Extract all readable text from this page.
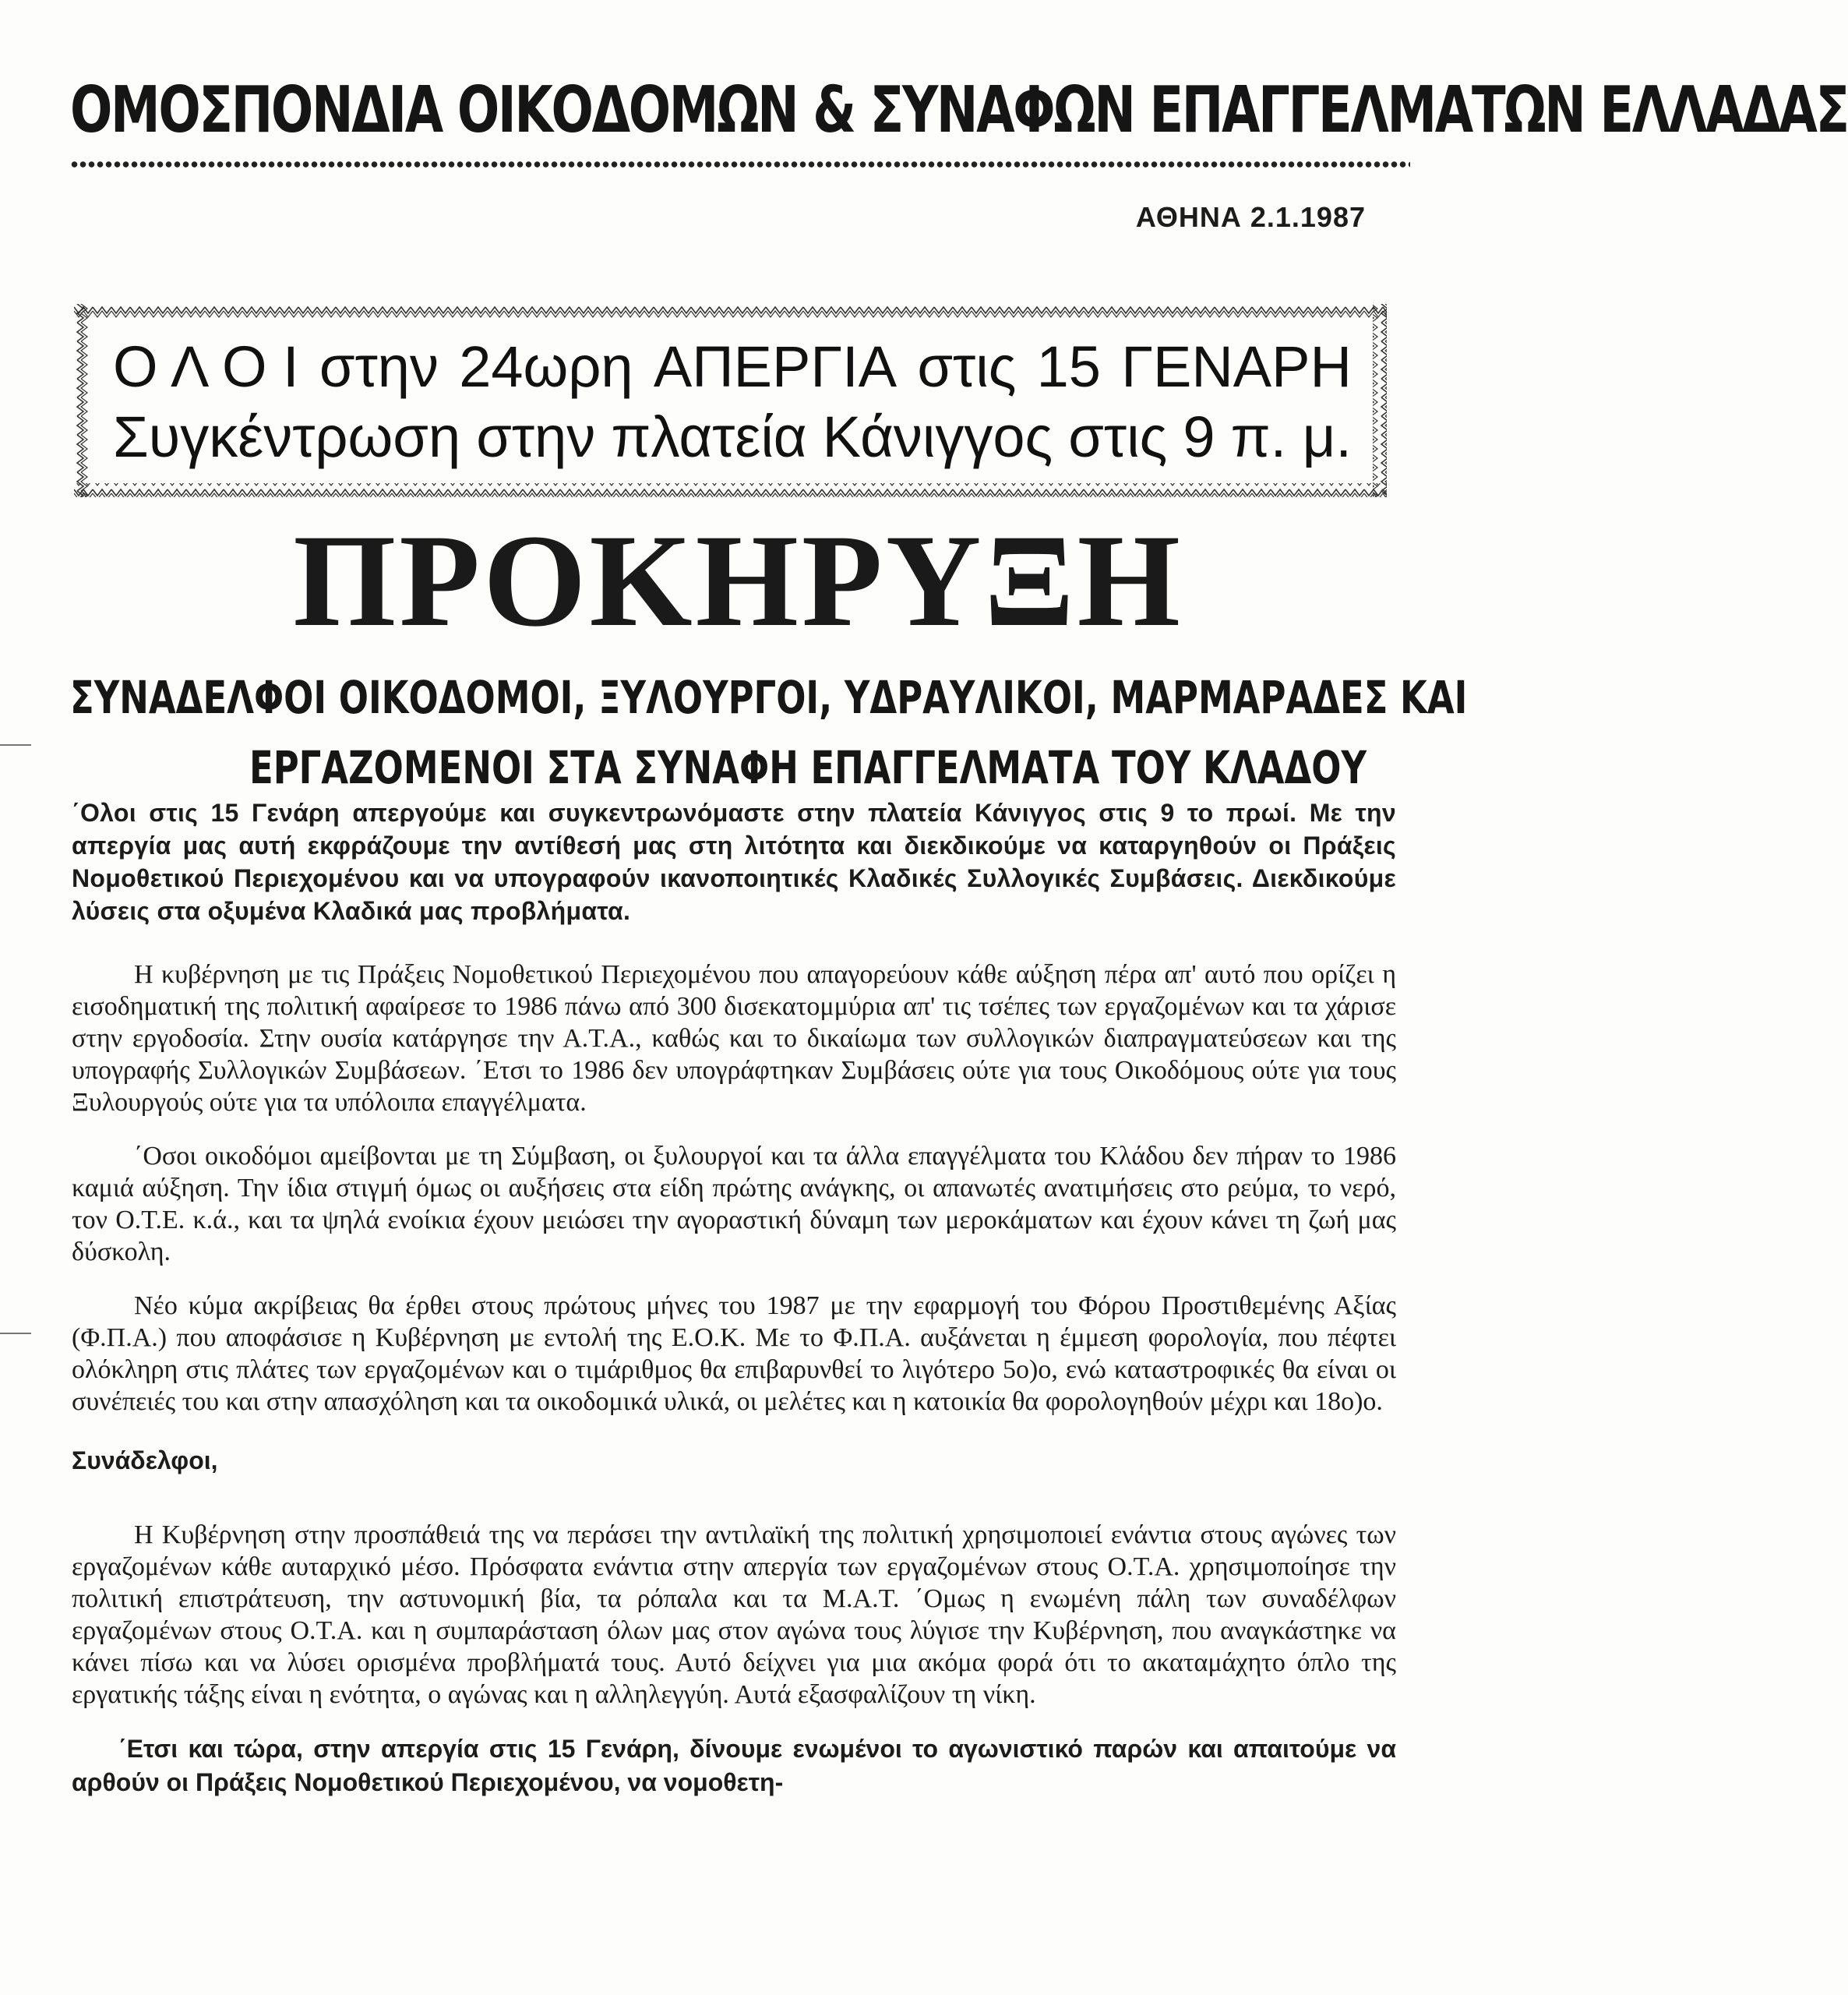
ΟΜΟΣΠΟΝΔΙΑ ΟΙΚΟΔΟΜΩΝ & ΣΥΝΑΦΩΝ ΕΠΑΓΓΕΛΜΑΤΩΝ ΕΛΛΑΔΑΣ
ΑΘΗΝΑ 2.1.1987
Ο Λ Ο Ι στην 24ωρη ΑΠΕΡΓΙΑ στις 15 ΓΕΝΑΡΗ
Συγκέντρωση στην πλατεία Κάνιγγος στις 9 π. μ.
ΠΡΟΚΗΡΥΞΗ
ΣΥΝΑΔΕΛΦΟΙ ΟΙΚΟΔΟΜΟΙ, ΞΥΛΟΥΡΓΟΙ, ΥΔΡΑΥΛΙΚΟΙ, ΜΑΡΜΑΡΑΔΕΣ ΚΑΙ
ΕΡΓΑΖΟΜΕΝΟΙ ΣΤΑ ΣΥΝΑΦΗ ΕΠΑΓΓΕΛΜΑΤΑ ΤΟΥ ΚΛΑΔΟΥ

΄Ολοι στις 15 Γενάρη απεργούμε και συγκεντρωνόμαστε στην πλατεία Κάνιγγος στις 9 το πρωί. Με την απεργία μας αυτή εκφράζουμε την αντίθεσή μας στη λιτότητα και διεκδικούμε να καταργηθούν οι Πράξεις Νομοθετικού Περιεχομένου και να υπογραφούν ικανοποιητικές Κλαδικές Συλλογικές Συμβάσεις. Διεκδικούμε λύσεις στα οξυμένα Κλαδικά μας προβλήματα.

Η κυβέρνηση με τις Πράξεις Νομοθετικού Περιεχομένου που απαγορεύουν κάθε αύξηση πέρα απ' αυτό που ορίζει η εισοδηματική της πολιτική αφαίρεσε το 1986 πάνω από 300 δισεκατομμύρια απ' τις τσέπες των εργαζομένων και τα χάρισε στην εργοδοσία. Στην ουσία κατάργησε την Α.Τ.Α., καθώς και το δικαίωμα των συλλογικών διαπραγματεύσεων και της υπογραφής Συλλογικών Συμβάσεων. ΄Ετσι το 1986 δεν υπογράφτηκαν Συμβάσεις ούτε για τους Οικοδόμους ούτε για τους Ξυλουργούς ούτε για τα υπόλοιπα επαγγέλματα.

΄Οσοι οικοδόμοι αμείβονται με τη Σύμβαση, οι ξυλουργοί και τα άλλα επαγγέλματα του Κλάδου δεν πήραν το 1986 καμιά αύξηση. Την ίδια στιγμή όμως οι αυξήσεις στα είδη πρώτης ανάγκης, οι απανωτές ανατιμήσεις στο ρεύμα, το νερό, τον Ο.Τ.Ε. κ.ά., και τα ψηλά ενοίκια έχουν μειώσει την αγοραστική δύναμη των μεροκάματων και έχουν κάνει τη ζωή μας δύσκολη.

Νέο κύμα ακρίβειας θα έρθει στους πρώτους μήνες του 1987 με την εφαρμογή του Φόρου Προστιθεμένης Αξίας (Φ.Π.Α.) που αποφάσισε η Κυβέρνηση με εντολή της Ε.Ο.Κ. Με το Φ.Π.Α. αυξάνεται η έμμεση φορολογία, που πέφτει ολόκληρη στις πλάτες των εργαζομένων και ο τιμάριθμος θα επιβαρυνθεί το λιγότερο 5ο)ο, ενώ καταστροφικές θα είναι οι συνέπειές του και στην απασχόληση και τα οικοδομικά υλικά, οι μελέτες και η κατοικία θα φορολογηθούν μέχρι και 18ο)ο.

Συνάδελφοι,

Η Κυβέρνηση στην προσπάθειά της να περάσει την αντιλαϊκή της πολιτική χρησιμοποιεί ενάντια στους αγώνες των εργαζομένων κάθε αυταρχικό μέσο. Πρόσφατα ενάντια στην απεργία των εργαζομένων στους Ο.Τ.Α. χρησιμοποίησε την πολιτική επιστράτευση, την αστυνομική βία, τα ρόπαλα και τα Μ.Α.Τ. ΄Ομως η ενωμένη πάλη των συναδέλφων εργαζομένων στους Ο.Τ.Α. και η συμπαράσταση όλων μας στον αγώνα τους λύγισε την Κυβέρνηση, που αναγκάστηκε να κάνει πίσω και να λύσει ορισμένα προβλήματά τους. Αυτό δείχνει για μια ακόμα φορά ότι το ακαταμάχητο όπλο της εργατικής τάξης είναι η ενότητα, ο αγώνας και η αλληλεγγύη. Αυτά εξασφαλίζουν τη νίκη.

΄Ετσι και τώρα, στην απεργία στις 15 Γενάρη, δίνουμε ενωμένοι το αγωνιστικό παρών και απαιτούμε να αρθούν οι Πράξεις Νομοθετικού Περιεχομένου, να νομοθετη-
